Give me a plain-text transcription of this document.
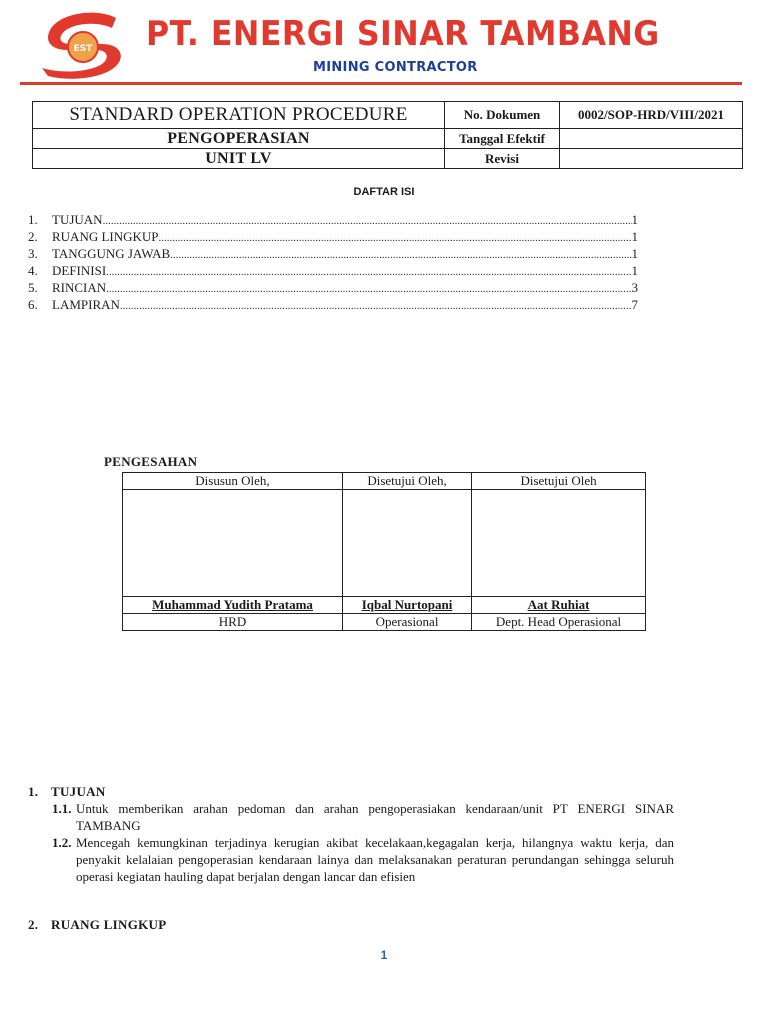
EST PT. ENERGI SINAR TAMBANG
MINING CONTRACTOR
STANDARD OPERATION PROCEDURE	No. Dokumen	0002/SOP-HRD/VIII/2021
PENGOPERASIAN	Tanggal Efektif	
UNIT LV	Revisi	
DAFTAR ISI
1.	TUJUAN .....	1
2.	RUANG LINGKUP .....	1
3.	TANGGUNG JAWAB .....	1
4.	DEFINISI .....	1
5.	RINCIAN .....	3
6.	LAMPIRAN .....	7
PENGESAHAN
Disusun Oleh,	Disetujui Oleh,	Disetujui Oleh

Muhammad Yudith Pratama	Iqbal Nurtopani	Aat Ruhiat
HRD	Operasional	Dept. Head Operasional
1. TUJUAN
1.1. Untuk memberikan arahan pedoman dan arahan pengoperasiakan kendaraan/unit PT ENERGI SINAR TAMBANG
1.2. Mencegah kemungkinan terjadinya kerugian akibat kecelakaan,kegagalan kerja, hilangnya waktu kerja, dan penyakit kelalaian pengoperasian kendaraan lainya dan melaksanakan peraturan perundangan sehingga seluruh operasi kegiatan hauling dapat berjalan dengan lancar dan efisien
2. RUANG LINGKUP
1
